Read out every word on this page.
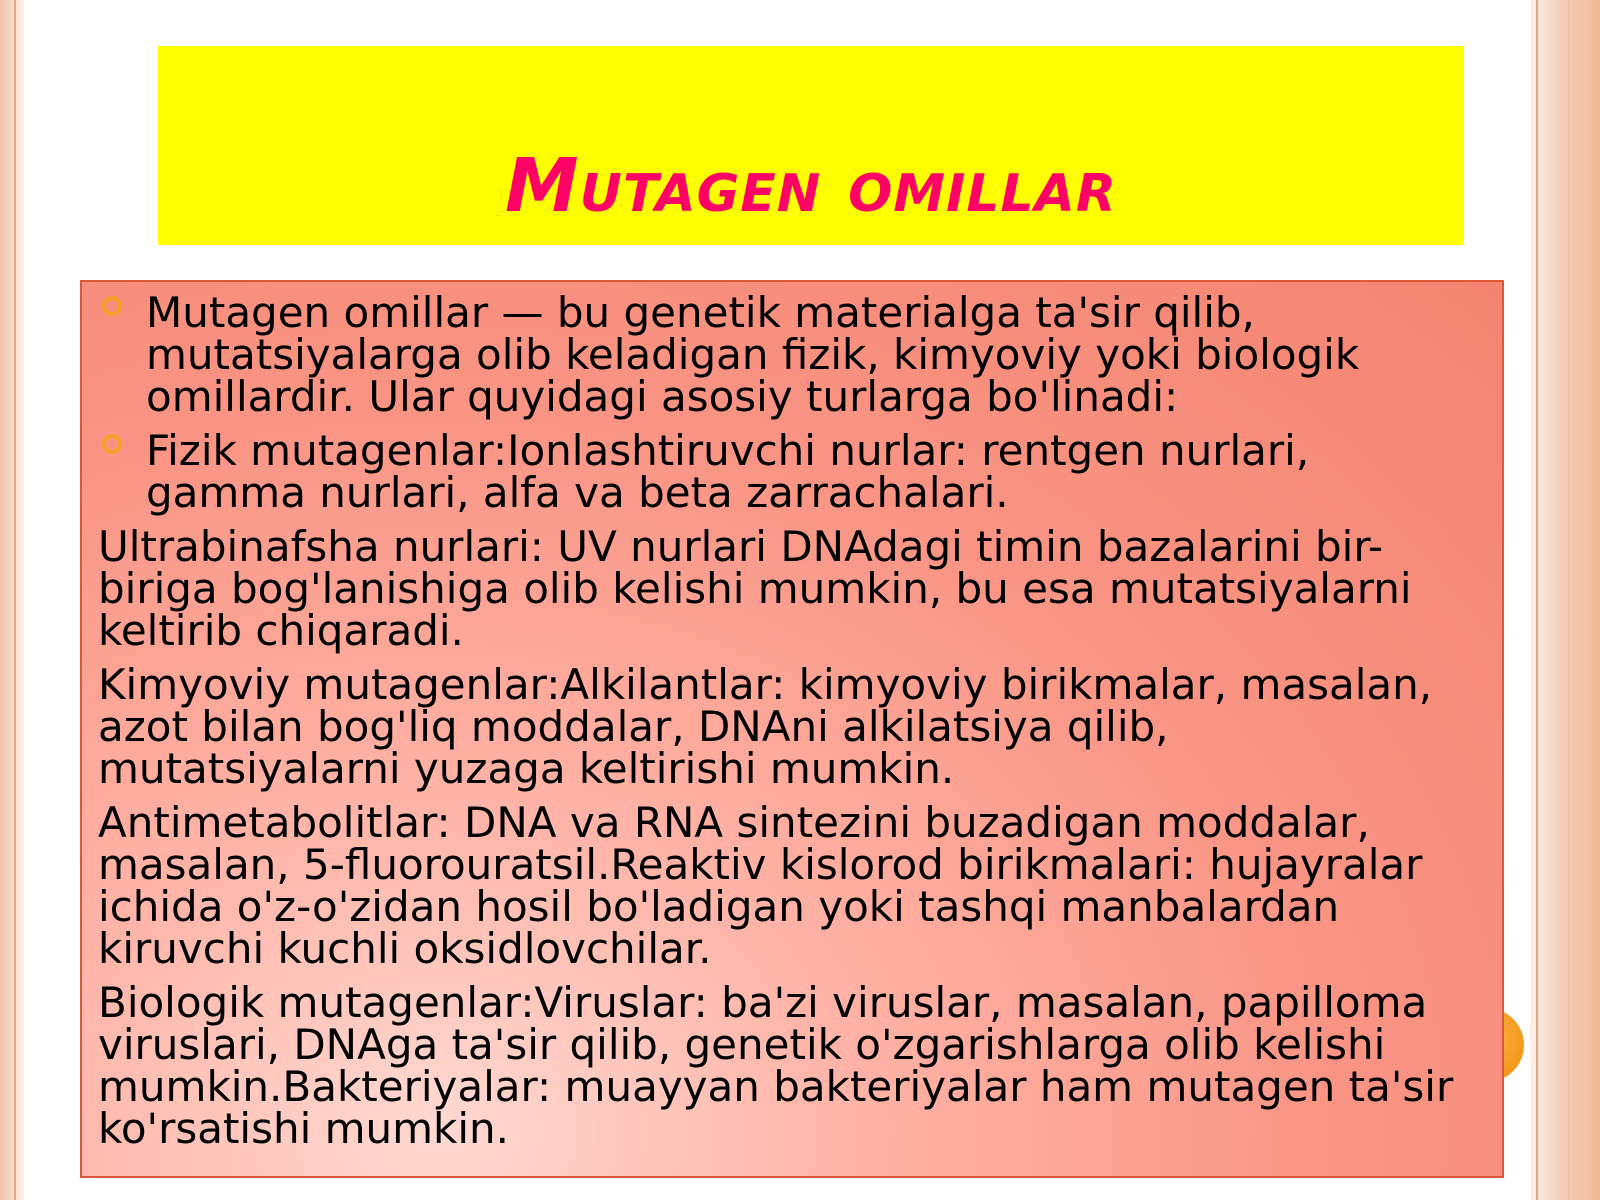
Mutagen omillar
Mutagen omillar — bu genetik materialga ta'sir qilib, mutatsiyalarga olib keladigan fizik, kimyoviy yoki biologik omillardir. Ular quyidagi asosiy turlarga bo'linadi:
Fizik mutagenlar:Ionlashtiruvchi nurlar: rentgen nurlari, gamma nurlari, alfa va beta zarrachalari.
Ultrabinafsha nurlari: UV nurlari DNAdagi timin bazalarini bir-biriga bog'lanishiga olib kelishi mumkin, bu esa mutatsiyalarni keltirib chiqaradi.
Kimyoviy mutagenlar:Alkilantlar: kimyoviy birikmalar, masalan, azot bilan bog'liq moddalar, DNAni alkilatsiya qilib, mutatsiyalarni yuzaga keltirishi mumkin.
Antimetabolitlar: DNA va RNA sintezini buzadigan moddalar, masalan, 5-fluorouratsil.Reaktiv kislorod birikmalari: hujayralar ichida o'z-o'zidan hosil bo'ladigan yoki tashqi manbalardan kiruvchi kuchli oksidlovchilar.
Biologik mutagenlar:Viruslar: ba'zi viruslar, masalan, papilloma viruslari, DNAga ta'sir qilib, genetik o'zgarishlarga olib kelishi mumkin.Bakteriyalar: muayyan bakteriyalar ham mutagen ta'sir ko'rsatishi mumkin.
